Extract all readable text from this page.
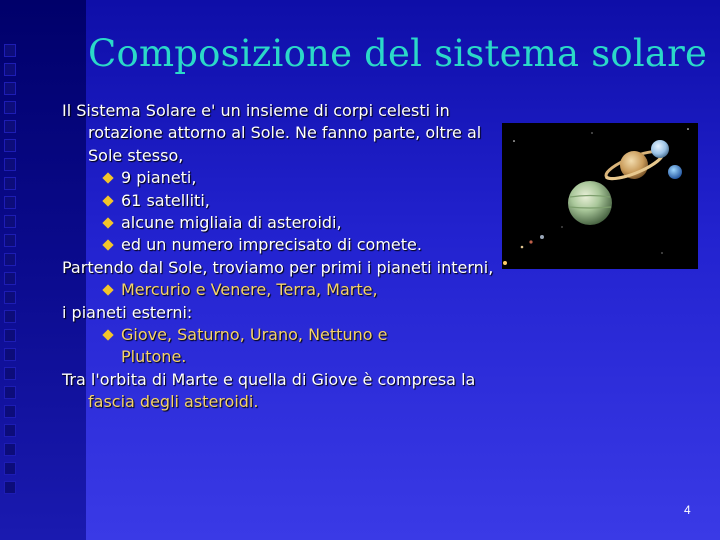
Composizione del sistema solare

Il Sistema Solare e' un insieme di corpi celesti in rotazione attorno al Sole. Ne fanno parte, oltre al Sole stesso,

9 pianeti,
61 satelliti,
alcune migliaia di asteroidi,
ed un numero imprecisato di comete.

Partendo dal Sole, troviamo per primi i pianeti interni,

Mercurio e Venere, Terra, Marte,

i pianeti esterni:

Giove, Saturno, Urano, Nettuno e Plutone.

Tra l'orbita di Marte e quella di Giove è compresa la fascia degli asteroidi.

4
